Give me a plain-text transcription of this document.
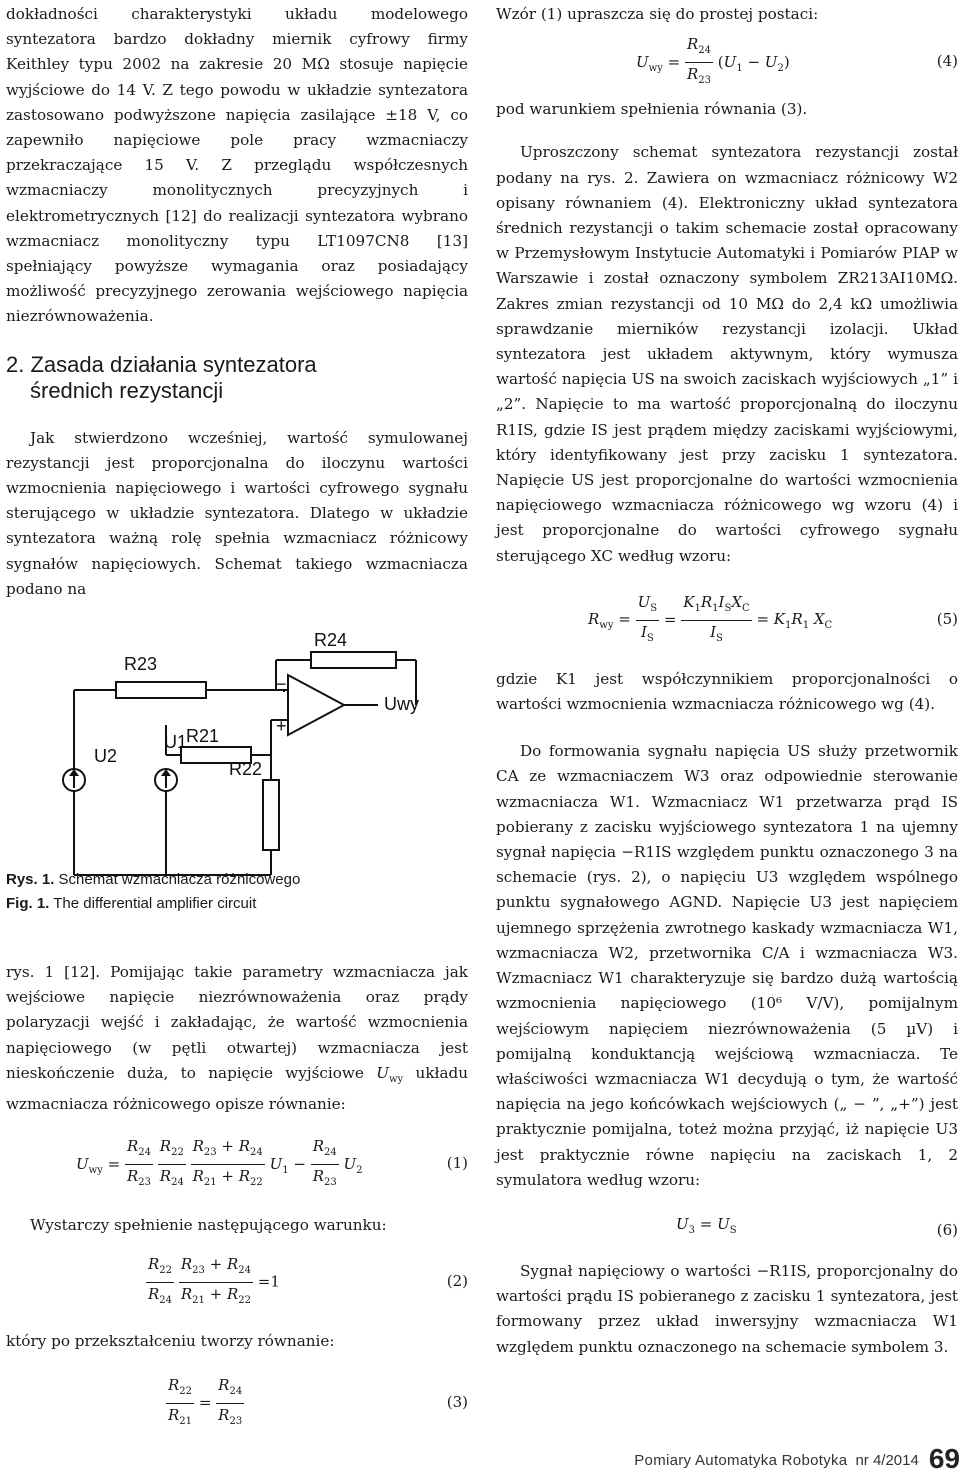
dokładności charakterystyki układu modelowego syntezatora bardzo dokładny miernik cyfrowy firmy Keithley typu 2002 na zakresie 20 MΩ stosuje napięcie wyjściowe do 14 V. Z tego powodu w układzie syntezatora zastosowano podwyższone napięcia zasilające ±18 V, co zapewniło napięciowe pole pracy wzmacniaczy przekraczające 15 V. Z przeglądu współczesnych wzmacniaczy monolitycznych precyzyjnych i elektrometrycznych [12] do realizacji syntezatora wybrano wzmacniacz monolityczny typu LT1097CN8 [13] spełniający powyższe wymagania oraz posiadający możliwość precyzyjnego zerowania wejściowego napięcia niezrównoważenia.

2. Zasada działania syntezatora
średnich rezystancji

Jak stwierdzono wcześniej, wartość symulowanej rezystancji jest proporcjonalna do iloczynu wartości wzmocnienia napięciowego i wartości cyfrowego sygnału sterującego w układzie syntezatora. Dlatego w układzie syntezatora ważną rolę spełnia wzmacniacz różnicowy sygnałów napięciowych. Schemat takiego wzmacniacza podano na

R23
R24
R21
R22
U2
U1
Uwy
−
+
Rys. 1. Schemat wzmacniacza różnicowego
Fig. 1. The differential amplifier circuit

rys. 1 [12]. Pomijając takie parametry wzmacniacza jak wejściowe napięcie niezrównoważenia oraz prądy polaryzacji wejść i zakładając, że wartość wzmocnienia napięciowego (w pętli otwartej) wzmacniacza jest nieskończenie duża, to napięcie wyjściowe $U_{wy}$ układu wzmacniacza różnicowego opisze równanie:

$U_{wy} = \frac{R_{24}}{R_{23}}$
$\frac{R_{22}}{R_{24}}$
$\frac{R_{23} + R_{24}}{R_{21} + R_{22}} U_1 - \frac{R_{24}}{R_{23}} U_2$	(1)

Wystarczy spełnienie następującego warunku:

$\frac{R_{22}}{R_{24}}$
$\frac{R_{23} + R_{24}}{R_{21} + R_{22}} =1$	(2)

który po przekształceniu tworzy równanie:

$\frac{R_{22}}{R_{21}} = \frac{R_{24}}{R_{23}}$	(3)

Wzór (1) upraszcza się do prostej postaci:

$U_{wy} = \frac{R_{24}}{R_{23}} (U_1 - U_2)$	(4)

pod warunkiem spełnienia równania (3).

Uproszczony schemat syntezatora rezystancji został podany na rys. 2. Zawiera on wzmacniacz różnicowy W2 opisany równaniem (4). Elektroniczny układ syntezatora średnich rezystancji o takim schemacie został opracowany w Przemysłowym Instytucie Automatyki i Pomiarów PIAP w Warszawie i został oznaczony symbolem ZR213AI10MΩ. Zakres zmian rezystancji od 10 MΩ do 2,4 kΩ umożliwia sprawdzanie mierników rezystancji izolacji. Układ syntezatora jest układem aktywnym, który wymusza wartość napięcia US na swoich zaciskach wyjściowych „1” i „2”. Napięcie to ma wartość proporcjonalną do iloczynu R1IS, gdzie IS jest prądem między zaciskami wyjściowymi, który identyfikowany jest przy zacisku 1 syntezatora. Napięcie US jest proporcjonalne do wartości wzmocnienia napięciowego wzmacniacza różnicowego wg wzoru (4) i jest proporcjonalne do wartości cyfrowego sygnału sterującego XC według wzoru:

$R_{wy} = \frac{U_S}{I_S} = \frac{K_1R_1I_SX_C}{I_S} = K_1R_1$ $X_C$	(5)

gdzie K1 jest współczynnikiem proporcjonalności o wartości wzmocnienia wzmacniacza różnicowego wg (4).

Do formowania sygnału napięcia US służy przetwornik CA ze wzmacniaczem W3 oraz odpowiednie sterowanie wzmacniacza W1. Wzmacniacz W1 przetwarza prąd IS pobierany z zacisku wyjściowego syntezatora 1 na ujemny sygnał napięcia −R1IS względem punktu oznaczonego 3 na schemacie (rys. 2), o napięciu U3 względem wspólnego punktu sygnałowego AGND. Napięcie U3 jest napięciem ujemnego sprzężenia zwrotnego kaskady wzmacniacza W1, wzmacniacza W2, przetwornika C/A i wzmacniacza W3. Wzmacniacz W1 charakteryzuje się bardzo dużą wartością wzmocnienia napięciowego (10⁶ V/V), pomijalnym wejściowym napięciem niezrównoważenia (5 µV) i pomijalną konduktancją wejściową wzmacniacza. Te właściwości wzmacniacza W1 decydują o tym, że wartość napięcia na jego końcówkach wejściowych („ − ”, „+”) jest praktycznie pomijalna, toteż można przyjąć, iż napięcie U3 jest praktycznie równe napięciu na zaciskach 1, 2 symulatora według wzoru:

$U_3 = U_S$	(6)

Sygnał napięciowy o wartości −R1IS, proporcjonalny do wartości prądu IS pobieranego z zacisku 1 syntezatora, jest formowany przez układ inwersyjny wzmacniacza W1 względem punktu oznaczonego na schemacie symbolem 3.

Pomiary Automatyka Robotyka nr 4/2014 69
